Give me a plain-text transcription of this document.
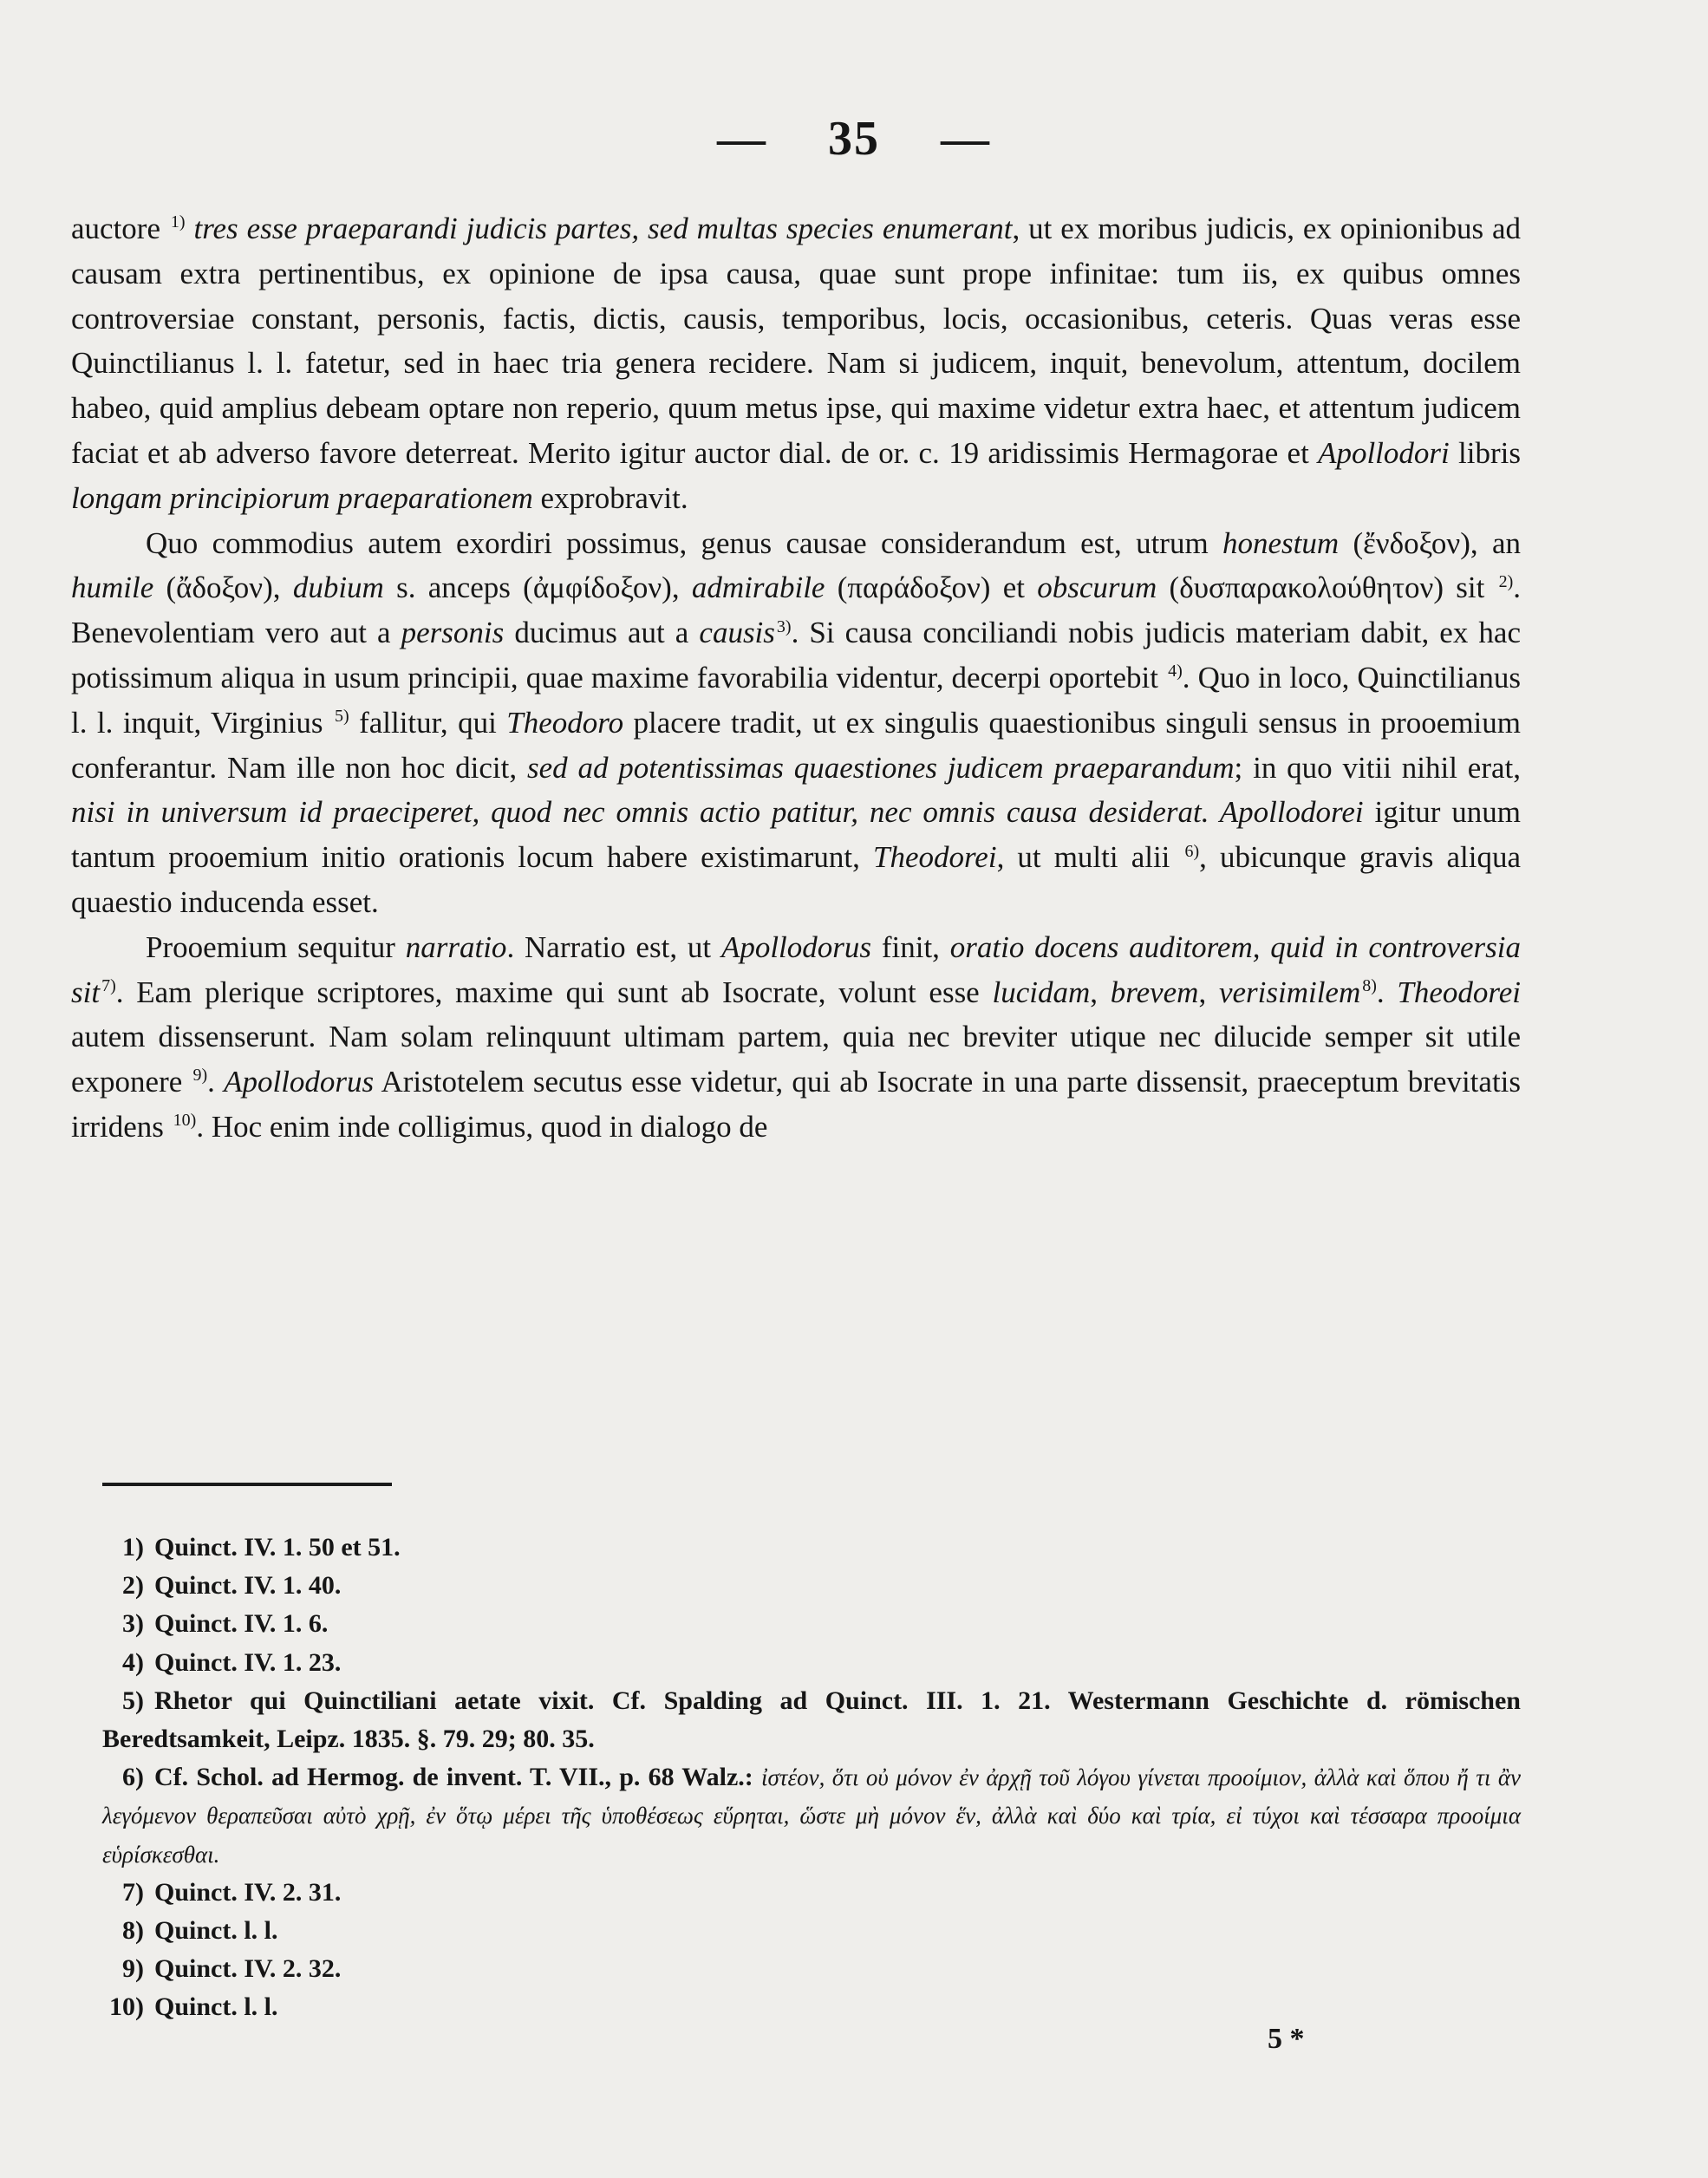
— 35 —

auctore $^{1)}$ tres esse praeparandi judicis partes, sed multas species enumerant, ut ex moribus judicis, ex opinionibus ad causam extra pertinentibus, ex opinione de ipsa causa, quae sunt prope infinitae: tum iis, ex quibus omnes controversiae constant, personis, factis, dictis, causis, temporibus, locis, occasionibus, ceteris. Quas veras esse Quinctilianus l. l. fatetur, sed in haec tria genera recidere. Nam si judicem, inquit, benevolum, attentum, docilem habeo, quid amplius debeam optare non reperio, quum metus ipse, qui maxime videtur extra haec, et attentum judicem faciat et ab adverso favore deterreat. Merito igitur auctor dial. de or. c. 19 aridissimis Hermagorae et Apollodori libris longam principiorum praeparationem exprobravit.

Quo commodius autem exordiri possimus, genus causae considerandum est, utrum honestum (ἔνδοξον), an humile (ἄδοξον), dubium s. anceps (ἀμφίδοξον), admirabile (παράδοξον) et obscurum (δυσπαρακολούθητον) sit $^{2)}$. Benevolentiam vero aut a personis ducimus aut a causis $^{3)}$. Si causa conciliandi nobis judicis materiam dabit, ex hac potissimum aliqua in usum principii, quae maxime favorabilia videntur, decerpi oportebit $^{4)}$. Quo in loco, Quinctilianus l. l. inquit, Virginius $^{5)}$ fallitur, qui Theodoro placere tradit, ut ex singulis quaestionibus singuli sensus in prooemium conferantur. Nam ille non hoc dicit, sed ad potentissimas quaestiones judicem praeparandum; in quo vitii nihil erat, nisi in universum id praeciperet, quod nec omnis actio patitur, nec omnis causa desiderat. Apollodorei igitur unum tantum prooemium initio orationis locum habere existimarunt, Theodorei, ut multi alii $^{6)}$, ubicunque gravis aliqua quaestio inducenda esset.

Prooemium sequitur narratio. Narratio est, ut Apollodorus finit, oratio docens auditorem, quid in controversia sit $^{7)}$. Eam plerique scriptores, maxime qui sunt ab Isocrate, volunt esse lucidam, brevem, verisimilem $^{8)}$. Theodorei autem dissenserunt. Nam solam relinquunt ultimam partem, quia nec breviter utique nec dilucide semper sit utile exponere $^{9)}$. Apollodorus Aristotelem secutus esse videtur, qui ab Isocrate in una parte dissensit, praeceptum brevitatis irridens $^{10)}$. Hoc enim inde colligimus, quod in dialogo de

1) Quinct. IV. 1. 50 et 51.
2) Quinct. IV. 1. 40.
3) Quinct. IV. 1. 6.
4) Quinct. IV. 1. 23.
5) Rhetor qui Quinctiliani aetate vixit. Cf. Spalding ad Quinct. III. 1. 21. Westermann Geschichte d. römischen Beredtsamkeit, Leipz. 1835. §. 79. 29; 80. 35.
6) Cf. Schol. ad Hermog. de invent. T. VII., p. 68 Walz.: ἰστέον, ὅτι οὐ μόνον ἐν ἀρχῇ τοῦ λόγου γίνεται προοίμιον, ἀλλὰ καὶ ὅπου ἤ τι ἂν λεγόμενον θεραπεῦσαι αὐτὸ χρῇ, ἐν ὅτῳ μέρει τῆς ὑποθέσεως εὕρηται, ὥστε μὴ μόνον ἕν, ἀλλὰ καὶ δύο καὶ τρία, εἰ τύχοι καὶ τέσσαρα προοίμια εὑρίσκεσθαι.
7) Quinct. IV. 2. 31.
8) Quinct. l. l.
9) Quinct. IV. 2. 32.
10) Quinct. l. l.
5 *
